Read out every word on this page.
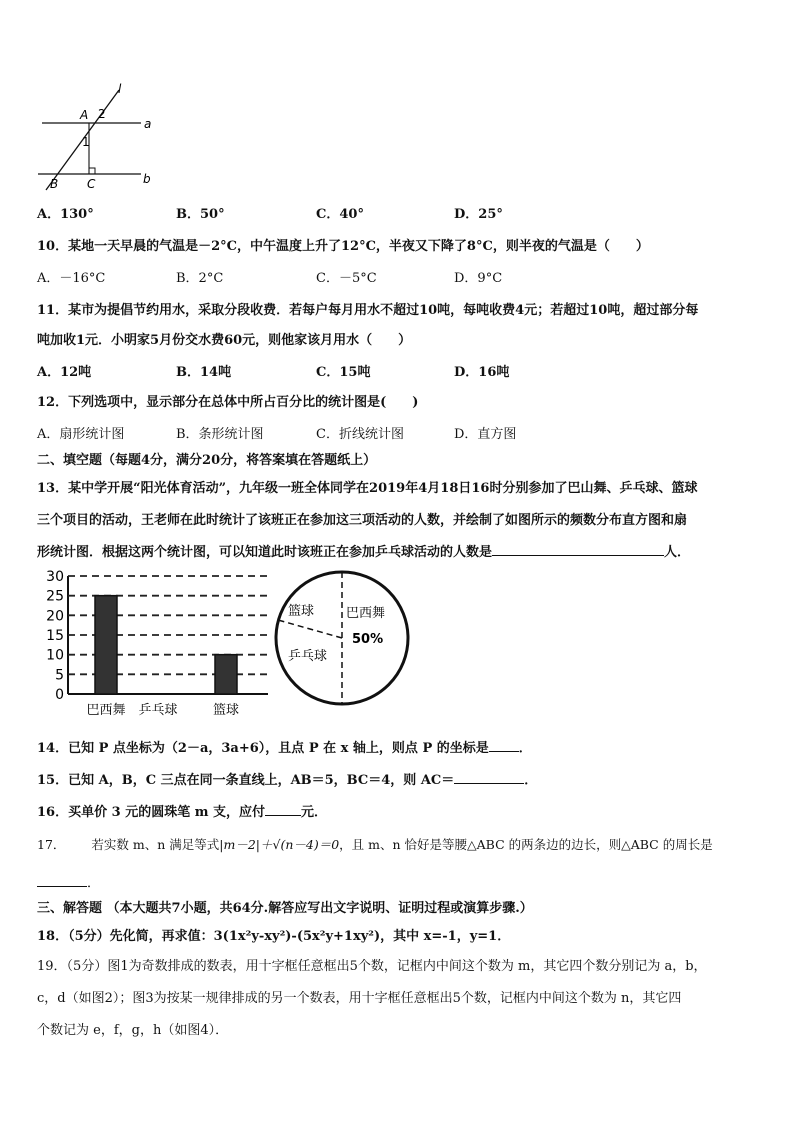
l
A 2
a
1
B C	b
A．130°	B．50°	C．40°	D．25°
10．某地一天早晨的气温是－2°C，中午温度上升了12°C，半夜又下降了8°C，则半夜的气温是（　　）
A．－16°C	B．2°C	C．－5°C	D．9°C
11．某市为提倡节约用水，采取分段收费．若每户每月用水不超过10吨，每吨收费4元；若超过10吨，超过部分每
吨加收1元．小明家5月份交水费60元，则他家该月用水（　　）
A．12吨	B．14吨	C．15吨	D．16吨
12．下列选项中，显示部分在总体中所占百分比的统计图是(　　)
A．扇形统计图	B．条形统计图	C．折线统计图	D．直方图
二、填空题（每题4分，满分20分，将答案填在答题纸上）
13．某中学开展“阳光体育活动”，九年级一班全体同学在2019年4月18日16时分别参加了巴山舞、乒乓球、篮球
三个项目的活动，王老师在此时统计了该班正在参加这三项活动的人数，并绘制了如图所示的频数分布直方图和扇
形统计图．根据这两个统计图，可以知道此时该班正在参加乒乓球活动的人数是	人．
0
5
10
15
20
25
30
巴西舞 乒乓球	篮球
篮球 巴西舞
乒乓球
50%
14．已知 P 点坐标为（2－a，3a+6），且点 P 在 x 轴上，则点 P 的坐标是 ．
15．已知 A，B，C 三点在同一条直线上，AB＝5，BC＝4，则 AC＝	．
16．买单价 3 元的圆珠笔 m 支，应付	元．
17． 若实数 m、n 满足等式|m－2|＋√(n－4)＝0，且 m、n 恰好是等腰△ABC 的两条边的边长，则△ABC 的周长是
．
三、解答题 （本大题共7小题，共64分.解答应写出文字说明、证明过程或演算步骤.）
18．（5分）先化简，再求值：3(1x²y-xy²)-(5x²y+1xy²)，其中 x=-1，y=1．
19．（5分）图1为奇数排成的数表，用十字框任意框出5个数，记框内中间这个数为 m，其它四个数分别记为 a，b，
c，d（如图2）；图3为按某一规律排成的另一个数表，用十字框任意框出5个数，记框内中间这个数为 n，其它四
个数记为 e，f，g，h（如图4）．
